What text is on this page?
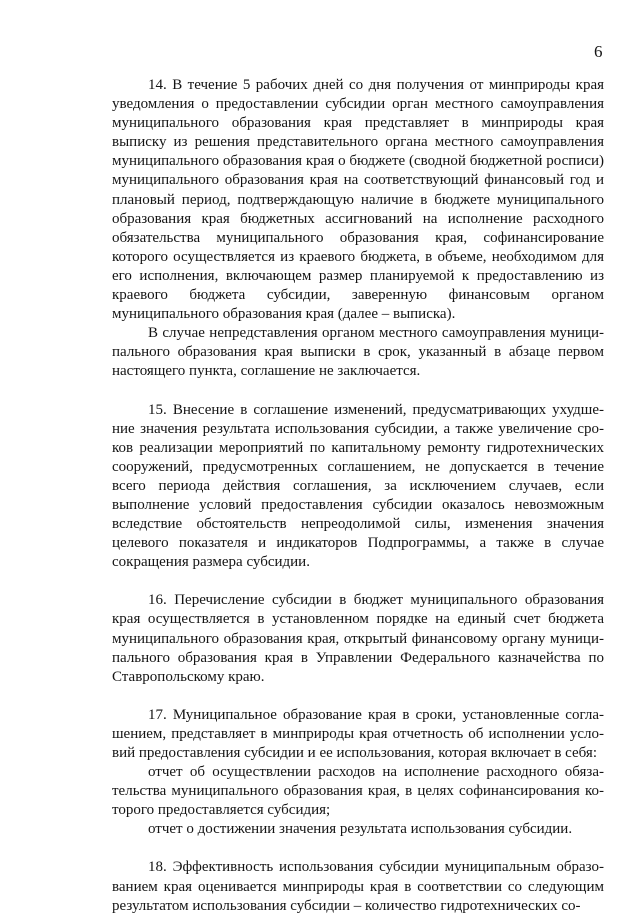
6

14. В течение 5 рабочих дней со дня получения от минприроды края уведомления о предоставлении субсидии орган местного самоуправления муниципального образования края представляет в минприроды края выписку из решения представительного органа местного самоуправления муниципального образования края о бюджете (сводной бюджетной росписи) муниципального образования края на соответствующий финансовый год и плановый период, подтверждающую наличие в бюджете муниципального образования края бюджетных ассигнований на исполнение расходного обязательства муниципального образования края, софинансирование которого осуществляется из краевого бюджета, в объеме, необходимом для его исполнения, включающем размер планируемой к предоставлению из краевого бюджета субсидии, заверенную финансовым органом муниципального образования края (далее – выписка).

В случае непредставления органом местного самоуправления муниципального образования края выписки в срок, указанный в абзаце первом настоящего пункта, соглашение не заключается.

15. Внесение в соглашение изменений, предусматривающих ухудшение значения результата использования субсидии, а также увеличение сроков реализации мероприятий по капитальному ремонту гидротехнических сооружений, предусмотренных соглашением, не допускается в течение всего периода действия соглашения, за исключением случаев, если выполнение условий предоставления субсидии оказалось невозможным вследствие обстоятельств непреодолимой силы, изменения значения целевого показателя и индикаторов Подпрограммы, а также в случае сокращения размера субсидии.

16. Перечисление субсидии в бюджет муниципального образования края осуществляется в установленном порядке на единый счет бюджета муниципального образования края, открытый финансовому органу муниципального образования края в Управлении Федерального казначейства по Ставропольскому краю.

17. Муниципальное образование края в сроки, установленные соглашением, представляет в минприроды края отчетность об исполнении условий предоставления субсидии и ее использования, которая включает в себя:

отчет об осуществлении расходов на исполнение расходного обязательства муниципального образования края, в целях софинансирования которого предоставляется субсидия;

отчет о достижении значения результата использования субсидии.

18. Эффективность использования субсидии муниципальным образованием края оценивается минприроды края в соответствии со следующим результатом использования субсидии – количество гидротехнических со-
